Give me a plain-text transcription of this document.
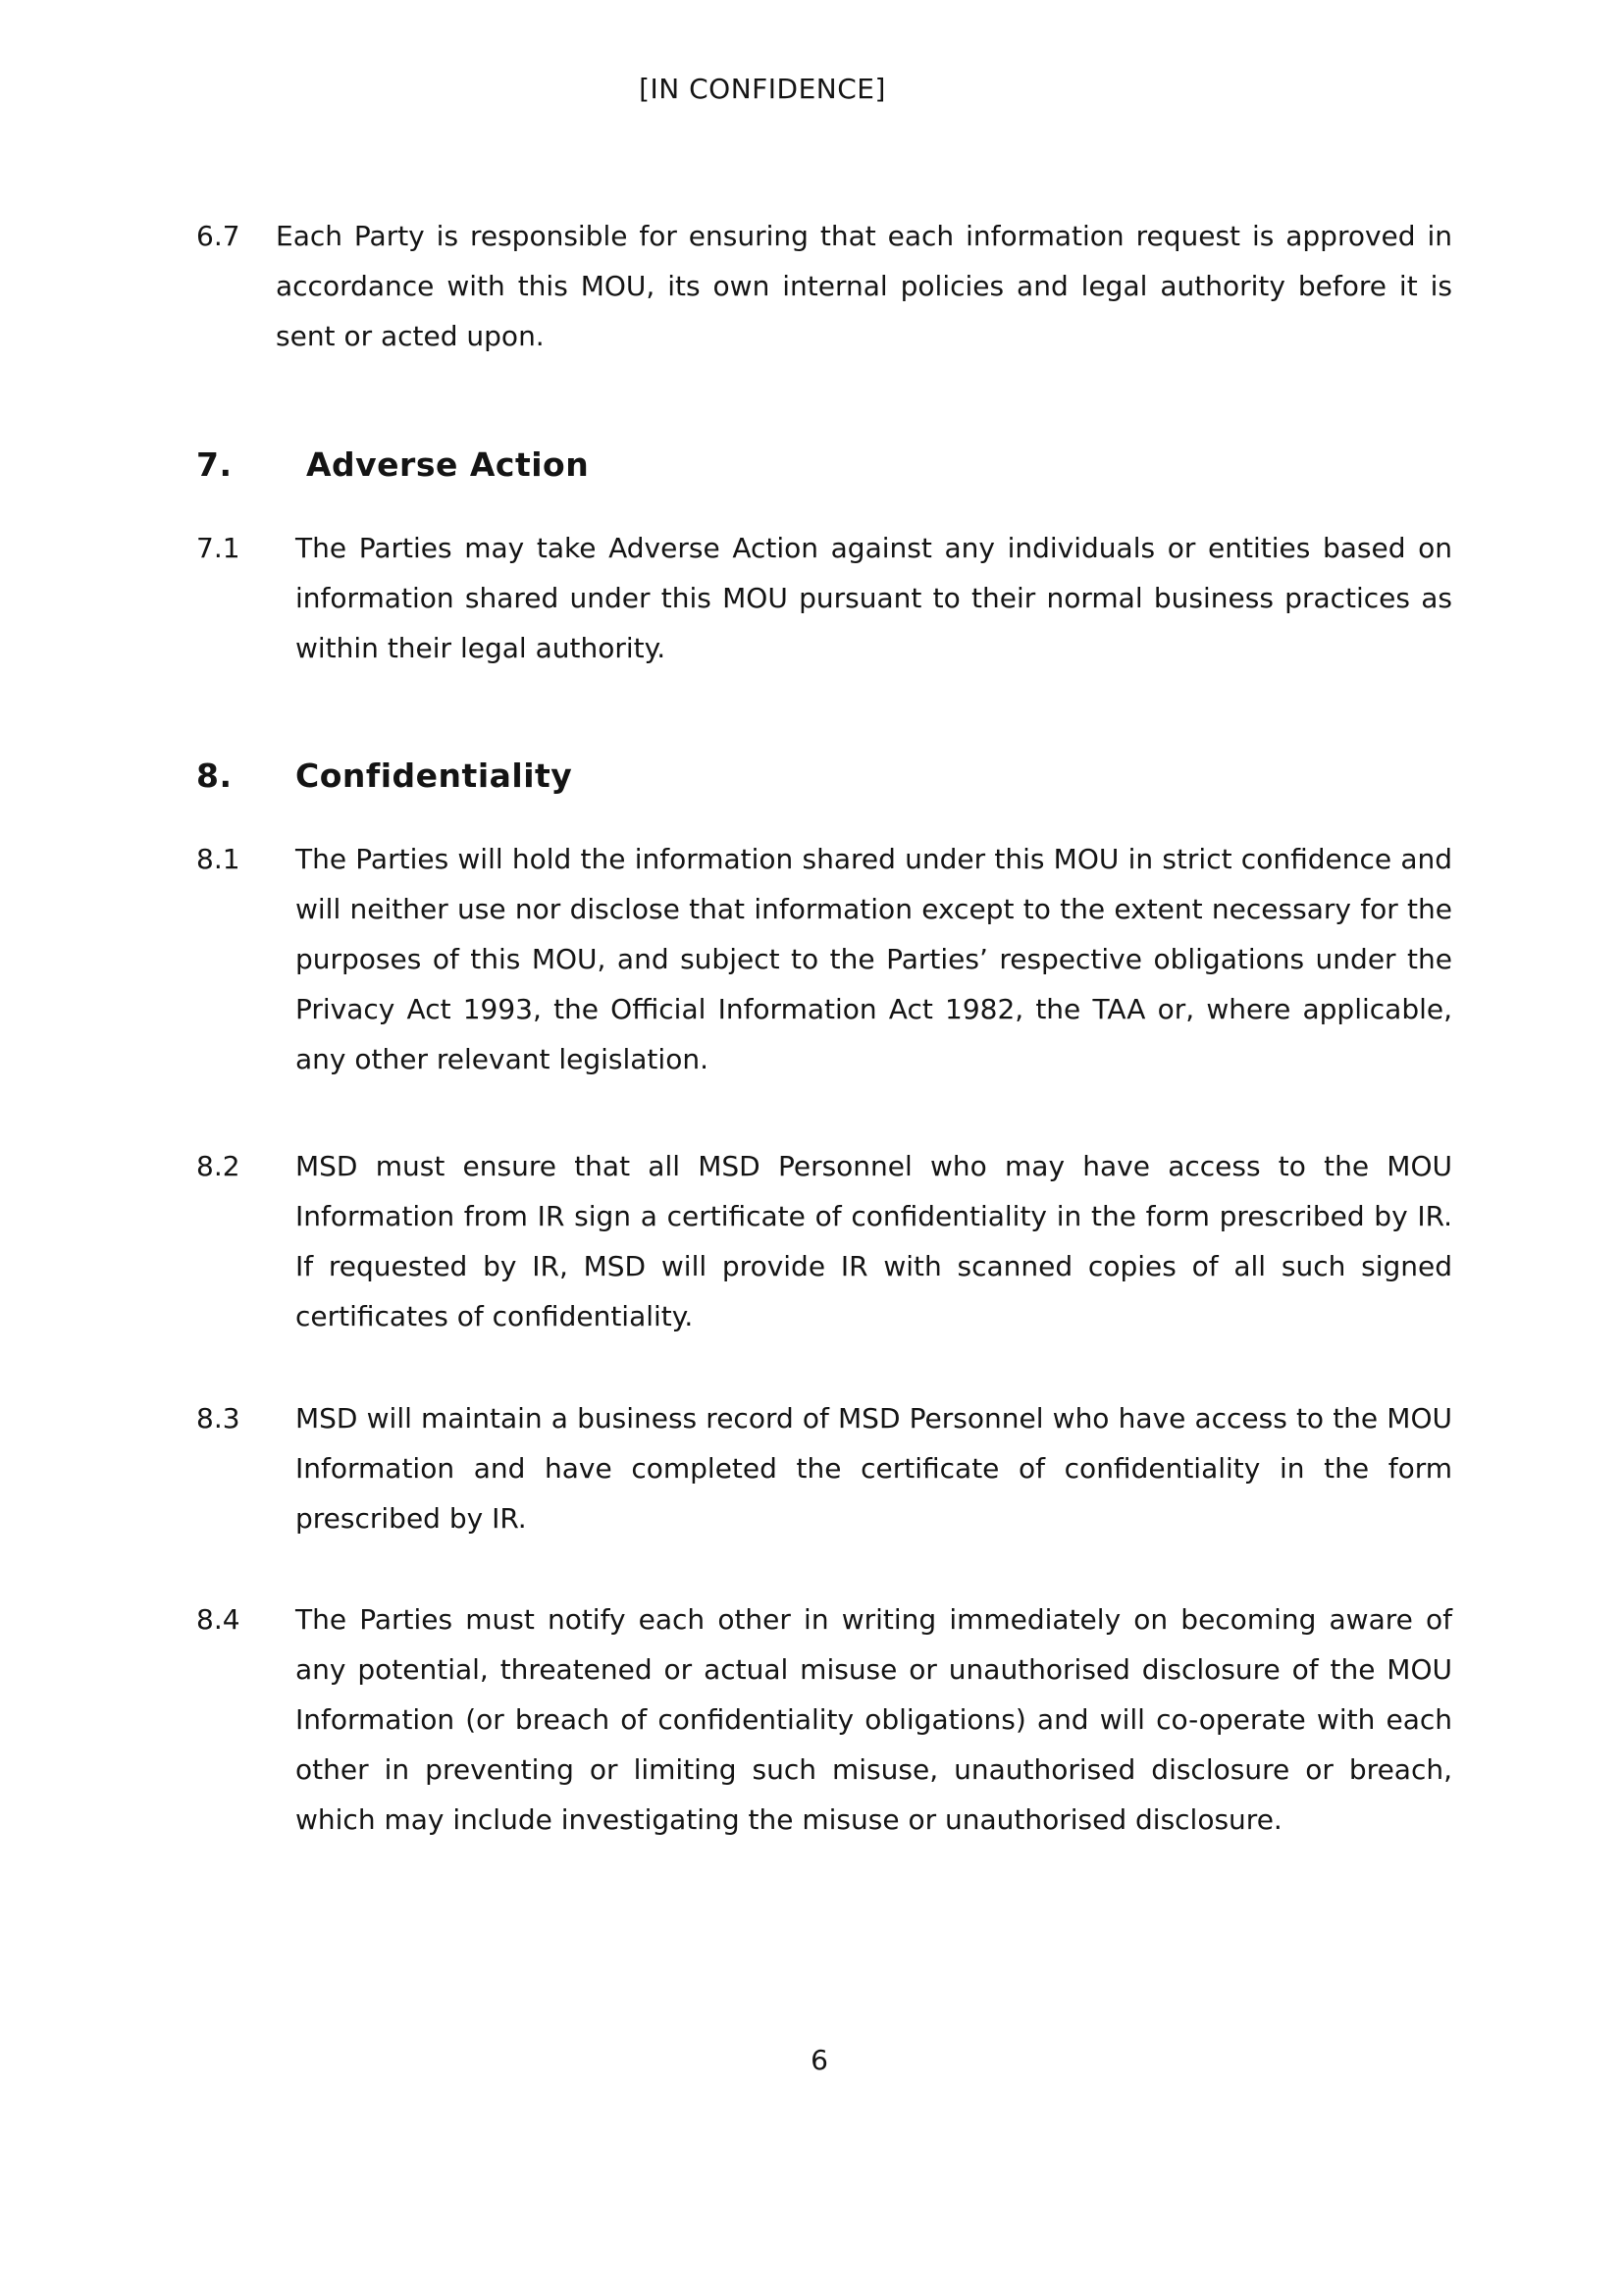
[IN CONFIDENCE]
6.7 Each Party is responsible for ensuring that each information request is approved in accordance with this MOU, its own internal policies and legal authority before it is sent or acted upon.
7. Adverse Action
7.1 The Parties may take Adverse Action against any individuals or entities based on information shared under this MOU pursuant to their normal business practices as within their legal authority.
8. Confidentiality
8.1 The Parties will hold the information shared under this MOU in strict confidence and will neither use nor disclose that information except to the extent necessary for the purposes of this MOU, and subject to the Parties’ respective obligations under the Privacy Act 1993, the Official Information Act 1982, the TAA or, where applicable, any other relevant legislation.
8.2 MSD must ensure that all MSD Personnel who may have access to the MOU Information from IR sign a certificate of confidentiality in the form prescribed by IR. If requested by IR, MSD will provide IR with scanned copies of all such signed certificates of confidentiality.
8.3 MSD will maintain a business record of MSD Personnel who have access to the MOU Information and have completed the certificate of confidentiality in the form prescribed by IR.
8.4 The Parties must notify each other in writing immediately on becoming aware of any potential, threatened or actual misuse or unauthorised disclosure of the MOU Information (or breach of confidentiality obligations) and will co-operate with each other in preventing or limiting such misuse, unauthorised disclosure or breach, which may include investigating the misuse or unauthorised disclosure.
6
